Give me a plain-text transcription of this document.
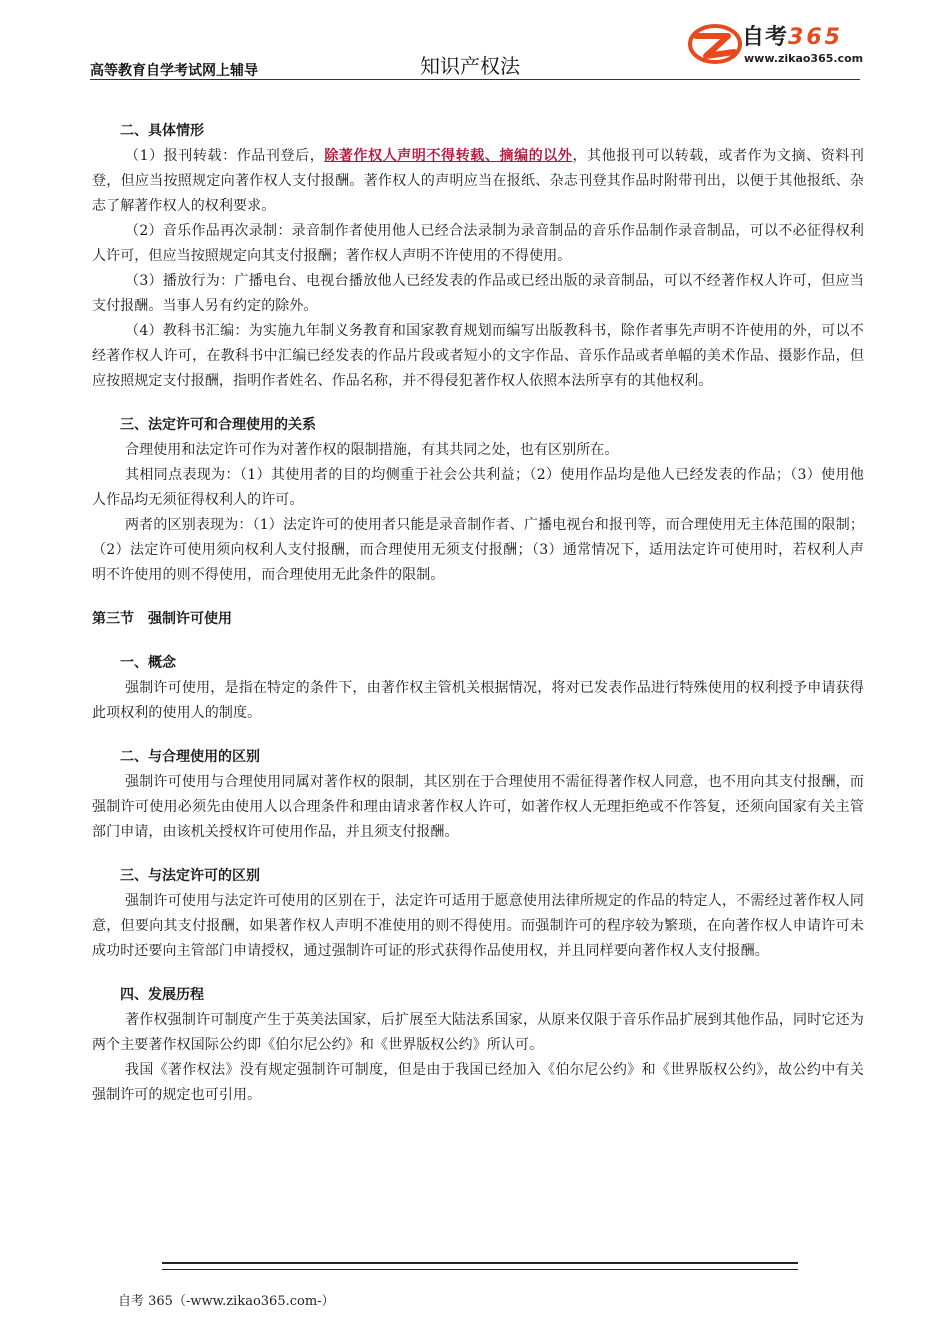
高等教育自学考试网上辅导	知识产权法
自考365
www.zikao365.com
二、具体情形
（1）报刊转载：作品刊登后，除著作权人声明不得转载、摘编的以外，其他报刊可以转载，或者作为文摘、资料刊登，但应当按照规定向著作权人支付报酬。著作权人的声明应当在报纸、杂志刊登其作品时附带刊出，以便于其他报纸、杂志了解著作权人的权利要求。
（2）音乐作品再次录制：录音制作者使用他人已经合法录制为录音制品的音乐作品制作录音制品，可以不必征得权利人许可，但应当按照规定向其支付报酬；著作权人声明不许使用的不得使用。
（3）播放行为：广播电台、电视台播放他人已经发表的作品或已经出版的录音制品，可以不经著作权人许可，但应当支付报酬。当事人另有约定的除外。
（4）教科书汇编：为实施九年制义务教育和国家教育规划而编写出版教科书，除作者事先声明不许使用的外，可以不经著作权人许可，在教科书中汇编已经发表的作品片段或者短小的文字作品、音乐作品或者单幅的美术作品、摄影作品，但应按照规定支付报酬，指明作者姓名、作品名称，并不得侵犯著作权人依照本法所享有的其他权利。
三、法定许可和合理使用的关系
合理使用和法定许可作为对著作权的限制措施，有其共同之处，也有区别所在。
其相同点表现为：（1）其使用者的目的均侧重于社会公共利益；（2）使用作品均是他人已经发表的作品；（3）使用他人作品均无须征得权利人的许可。
两者的区别表现为：（1）法定许可的使用者只能是录音制作者、广播电视台和报刊等，而合理使用无主体范围的限制；（2）法定许可使用须向权利人支付报酬，而合理使用无须支付报酬；（3）通常情况下，适用法定许可使用时，若权利人声明不许使用的则不得使用，而合理使用无此条件的限制。
第三节　强制许可使用
一、概念
强制许可使用，是指在特定的条件下，由著作权主管机关根据情况，将对已发表作品进行特殊使用的权利授予申请获得此项权利的使用人的制度。
二、与合理使用的区别
强制许可使用与合理使用同属对著作权的限制，其区别在于合理使用不需征得著作权人同意，也不用向其支付报酬，而强制许可使用必须先由使用人以合理条件和理由请求著作权人许可，如著作权人无理拒绝或不作答复，还须向国家有关主管部门申请，由该机关授权许可使用作品，并且须支付报酬。
三、与法定许可的区别
强制许可使用与法定许可使用的区别在于，法定许可适用于愿意使用法律所规定的作品的特定人，不需经过著作权人同意，但要向其支付报酬，如果著作权人声明不准使用的则不得使用。而强制许可的程序较为繁琐，在向著作权人申请许可未成功时还要向主管部门申请授权，通过强制许可证的形式获得作品使用权，并且同样要向著作权人支付报酬。
四、发展历程
著作权强制许可制度产生于英美法国家，后扩展至大陆法系国家，从原来仅限于音乐作品扩展到其他作品，同时它还为两个主要著作权国际公约即《伯尔尼公约》和《世界版权公约》所认可。
我国《著作权法》没有规定强制许可制度，但是由于我国已经加入《伯尔尼公约》和《世界版权公约》，故公约中有关强制许可的规定也可引用。
自考 365（-www.zikao365.com-）
